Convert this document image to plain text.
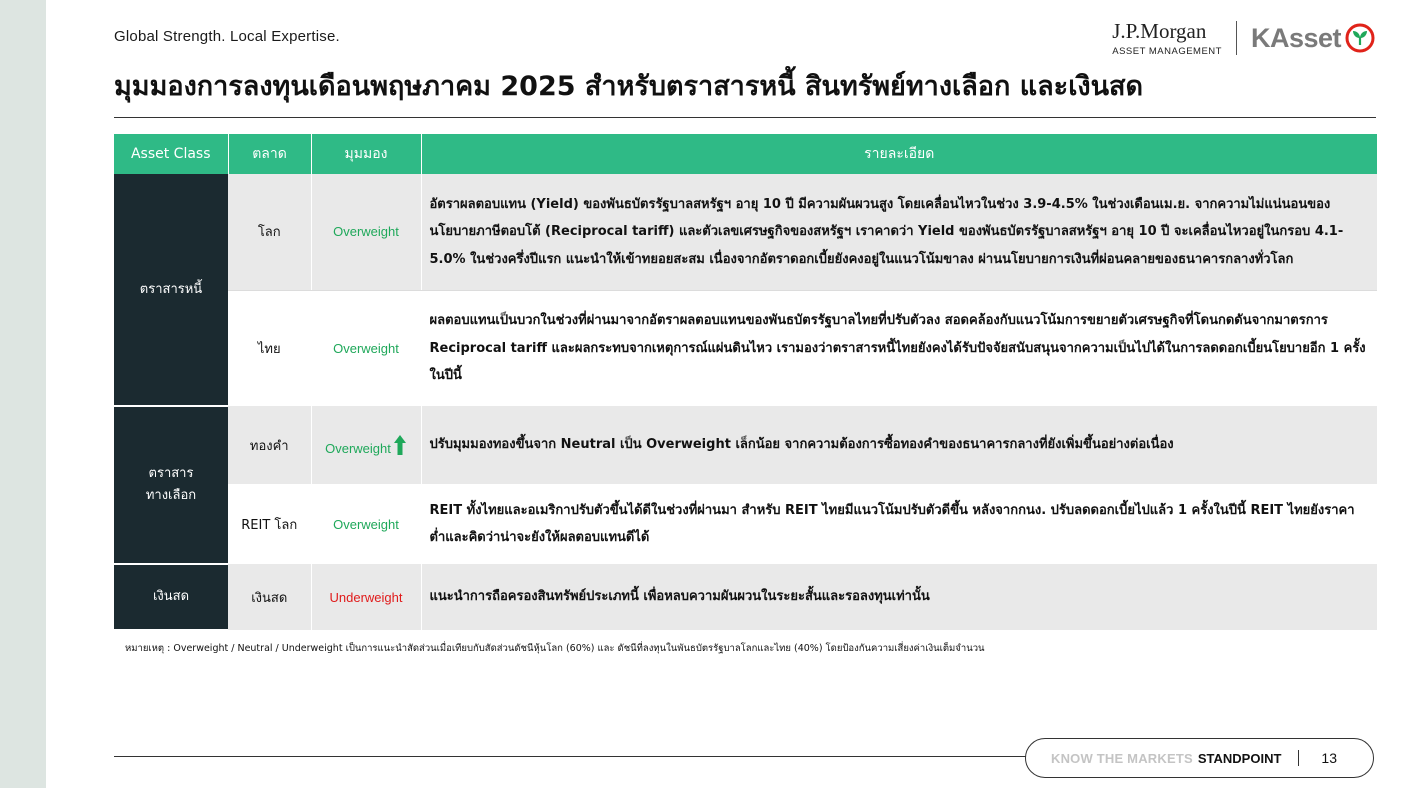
Global Strength. Local Expertise.	J.P.Morgan
ASSET MANAGEMENT KAsset
มุมมองการลงทุนเดือนพฤษภาคม 2025 สำหรับตราสารหนี้ สินทรัพย์ทางเลือก และเงินสด
Asset Class	ตลาด	มุมมอง	รายละเอียด
ตราสารหนี้	โลก	Overweight	อัตราผลตอบแทน (Yield) ของพันธบัตรรัฐบาลสหรัฐฯ อายุ 10 ปี มีความผันผวนสูง โดยเคลื่อนไหวในช่วง 3.9-4.5% ในช่วงเดือนเม.ย. จากความไม่แน่นอนของนโยบายภาษีตอบโต้ (Reciprocal tariff) และตัวเลขเศรษฐกิจของสหรัฐฯ เราคาดว่า Yield ของพันธบัตรรัฐบาลสหรัฐฯ อายุ 10 ปี จะเคลื่อนไหวอยู่ในกรอบ 4.1-5.0% ในช่วงครึ่งปีแรก แนะนำให้เข้าทยอยสะสม เนื่องจากอัตราดอกเบี้ยยังคงอยู่ในแนวโน้มขาลง ผ่านนโยบายการเงินที่ผ่อนคลายของธนาคารกลางทั่วโลก
	ไทย	Overweight	ผลตอบแทนเป็นบวกในช่วงที่ผ่านมาจากอัตราผลตอบแทนของพันธบัตรรัฐบาลไทยที่ปรับตัวลง สอดคล้องกับแนวโน้มการขยายตัวเศรษฐกิจที่โดนกดดันจากมาตรการ Reciprocal tariff และผลกระทบจากเหตุการณ์แผ่นดินไหว เรามองว่าตราสารหนี้ไทยยังคงได้รับปัจจัยสนับสนุนจากความเป็นไปได้ในการลดดอกเบี้ยนโยบายอีก 1 ครั้งในปีนี้
ตราสาร ทางเลือก	ทองคำ	Overweight	ปรับมุมมองทองขึ้นจาก Neutral เป็น Overweight เล็กน้อย จากความต้องการซื้อทองคำของธนาคารกลางที่ยังเพิ่มขึ้นอย่างต่อเนื่อง
	REIT โลก	Overweight	REIT ทั้งไทยและอเมริกาปรับตัวขึ้นได้ดีในช่วงที่ผ่านมา สำหรับ REIT ไทยมีแนวโน้มปรับตัวดีขึ้น หลังจากกนง. ปรับลดดอกเบี้ยไปแล้ว 1 ครั้งในปีนี้ REIT ไทยยังราคาต่ำและคิดว่าน่าจะยังให้ผลตอบแทนดีได้
เงินสด	เงินสด	Underweight	แนะนำการถือครองสินทรัพย์ประเภทนี้ เพื่อหลบความผันผวนในระยะสั้นและรอลงทุนเท่านั้น
หมายเหตุ : Overweight / Neutral / Underweight เป็นการแนะนำสัดส่วนเมื่อเทียบกับสัดส่วนดัชนีหุ้นโลก (60%) และ ดัชนีที่ลงทุนในพันธบัตรรัฐบาลโลกและไทย (40%) โดยป้องกันความเสี่ยงค่าเงินเต็มจำนวน
KNOW THE MARKETS STANDPOINT	13
